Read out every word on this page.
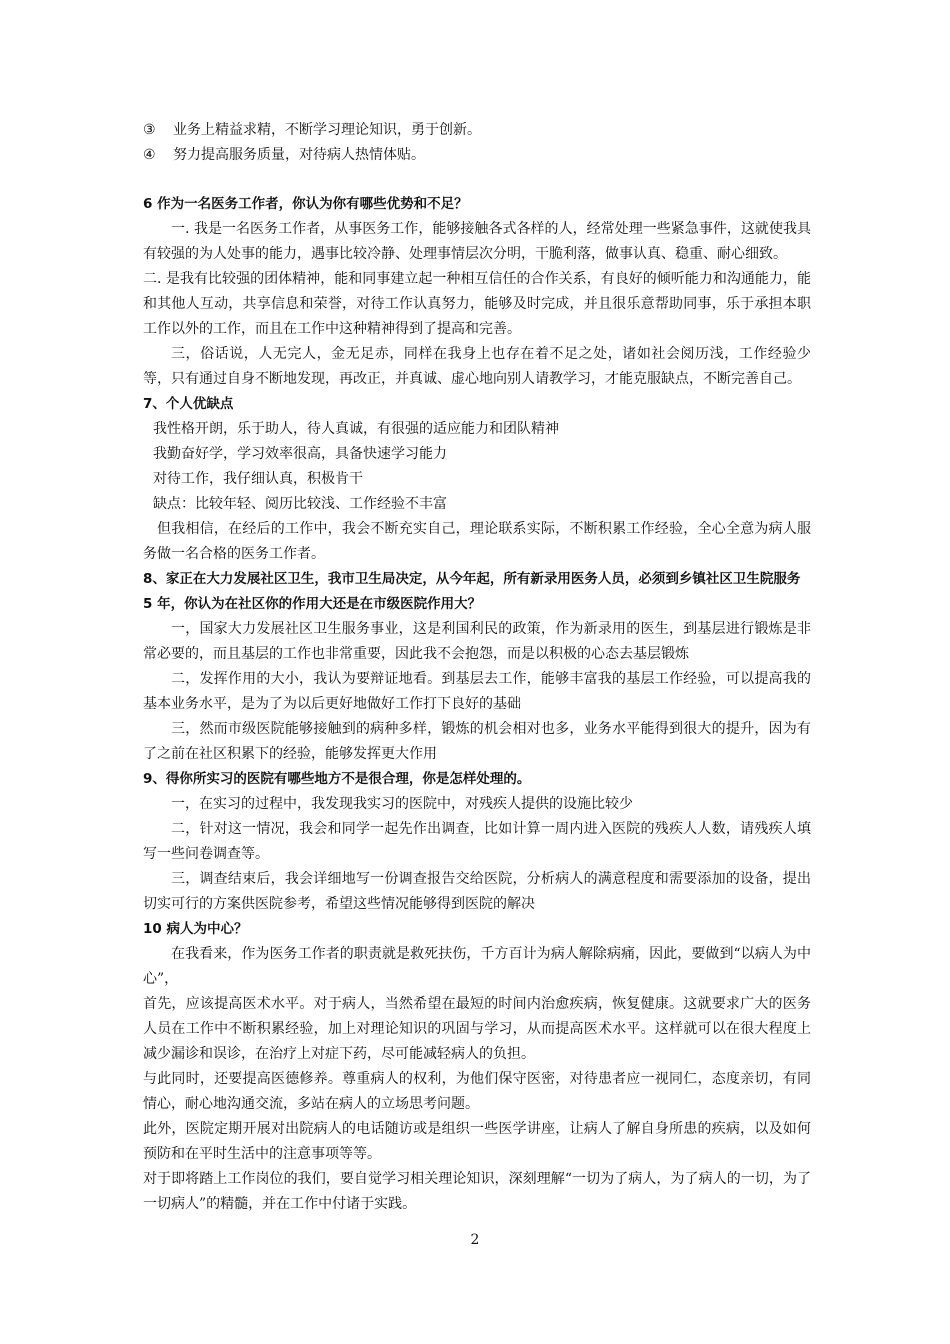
③	业务上精益求精，不断学习理论知识，勇于创新。
④	努力提高服务质量，对待病人热情体贴。

6 作为一名医务工作者，你认为你有哪些优势和不足？

一. 我是一名医务工作者，从事医务工作，能够接触各式各样的人，经常处理一些紧急事件，这就使我具有较强的为人处事的能力，遇事比较冷静、处理事情层次分明，干脆利落，做事认真、稳重、耐心细致。

二. 是我有比较强的团体精神，能和同事建立起一种相互信任的合作关系，有良好的倾听能力和沟通能力，能和其他人互动，共享信息和荣誉，对待工作认真努力，能够及时完成，并且很乐意帮助同事，乐于承担本职工作以外的工作，而且在工作中这种精神得到了提高和完善。

三，俗话说，人无完人，金无足赤，同样在我身上也存在着不足之处，诸如社会阅历浅，工作经验少等，只有通过自身不断地发现，再改正，并真诚、虚心地向别人请教学习，才能克服缺点，不断完善自己。

7、个人优缺点

我性格开朗，乐于助人，待人真诚，有很强的适应能力和团队精神

我勤奋好学，学习效率很高，具备快速学习能力

对待工作，我仔细认真，积极肯干

缺点：比较年轻、阅历比较浅、工作经验不丰富

但我相信，在经后的工作中，我会不断充实自己，理论联系实际，不断积累工作经验，全心全意为病人服务做一名合格的医务工作者。

8、家正在大力发展社区卫生，我市卫生局决定，从今年起，所有新录用医务人员，必须到乡镇社区卫生院服务 5 年，你认为在社区你的作用大还是在市级医院作用大？

一，国家大力发展社区卫生服务事业，这是利国利民的政策，作为新录用的医生，到基层进行锻炼是非常必要的，而且基层的工作也非常重要，因此我不会抱怨，而是以积极的心态去基层锻炼

二，发挥作用的大小，我认为要辩证地看。到基层去工作，能够丰富我的基层工作经验，可以提高我的基本业务水平，是为了为以后更好地做好工作打下良好的基础

三，然而市级医院能够接触到的病种多样，锻炼的机会相对也多，业务水平能得到很大的提升，因为有了之前在社区积累下的经验，能够发挥更大作用

9、得你所实习的医院有哪些地方不是很合理，你是怎样处理的。

一，在实习的过程中，我发现我实习的医院中，对残疾人提供的设施比较少

二，针对这一情况，我会和同学一起先作出调查，比如计算一周内进入医院的残疾人人数，请残疾人填写一些问卷调查等。

三，调查结束后，我会详细地写一份调查报告交给医院，分析病人的满意程度和需要添加的设备，提出切实可行的方案供医院参考，希望这些情况能够得到医院的解决

10 病人为中心？

在我看来，作为医务工作者的职责就是救死扶伤，千方百计为病人解除病痛，因此，要做到“以病人为中心”，

首先，应该提高医术水平。对于病人，当然希望在最短的时间内治愈疾病，恢复健康。这就要求广大的医务人员在工作中不断积累经验，加上对理论知识的巩固与学习，从而提高医术水平。这样就可以在很大程度上减少漏诊和误诊，在治疗上对症下药，尽可能减轻病人的负担。

与此同时，还要提高医德修养。尊重病人的权利，为他们保守医密，对待患者应一视同仁，态度亲切，有同情心，耐心地沟通交流，多站在病人的立场思考问题。

此外，医院定期开展对出院病人的电话随访或是组织一些医学讲座，让病人了解自身所患的疾病，以及如何预防和在平时生活中的注意事项等等。

对于即将踏上工作岗位的我们，要自觉学习相关理论知识，深刻理解“一切为了病人，为了病人的一切，为了一切病人”的精髓，并在工作中付诸于实践。

2
